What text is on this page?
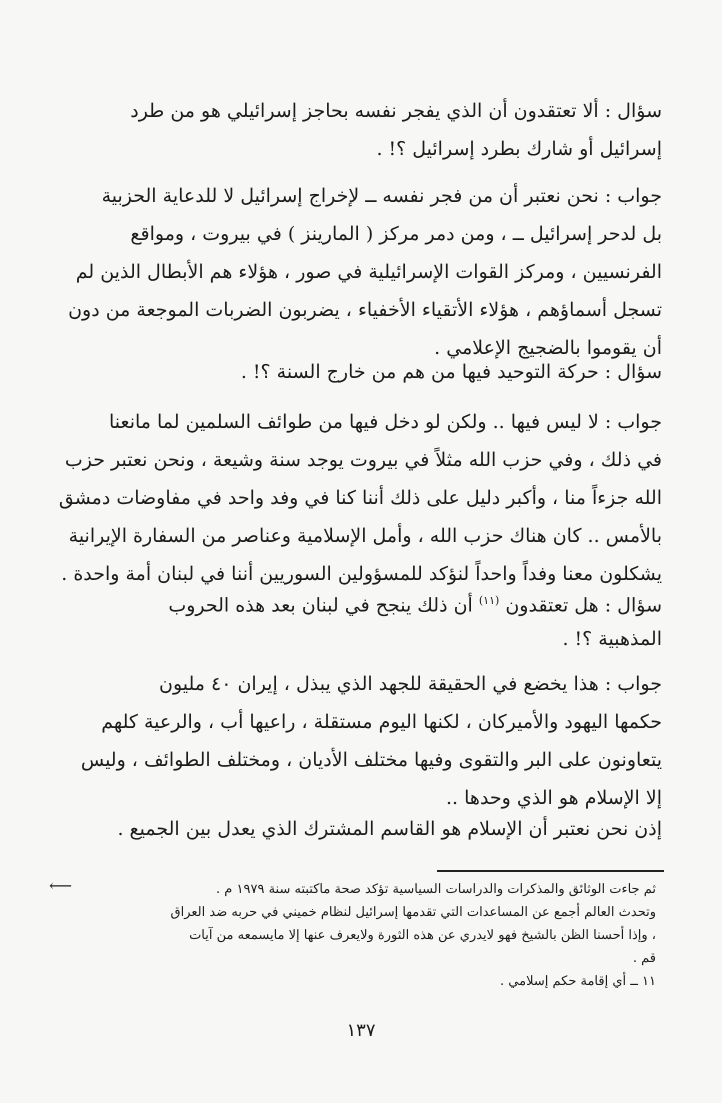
سؤال : ألا تعتقدون أن الذي يفجر نفسه بحاجز إسرائيلي هو من طرد
إسرائيل أو شارك بطرد إسرائيل ؟! .
جواب : نحن نعتبر أن من فجر نفسه ــ لإخراج إسرائيل لا للدعاية الحزبية
بل لدحر إسرائيل ــ ، ومن دمر مركز ( المارينز ) في بيروت ، ومواقع
الفرنسيين ، ومركز القوات الإسرائيلية في صور ، هؤلاء هم الأبطال الذين لم
تسجل أسماؤهم ، هؤلاء الأتقياء الأخفياء ، يضربون الضربات الموجعة من دون
أن يقوموا بالضجيج الإعلامي .
سؤال : حركة التوحيد فيها من هم من خارج السنة ؟! .
جواب : لا ليس فيها .. ولكن لو دخل فيها من طوائف السلمين لما مانعنا
في ذلك ، وفي حزب الله مثلاً في بيروت يوجد سنة وشيعة ، ونحن نعتبر حزب
الله جزءاً منا ، وأكبر دليل على ذلك أننا كنا في وفد واحد في مفاوضات دمشق
بالأمس .. كان هناك حزب الله ، وأمل الإسلامية وعناصر من السفارة الإيرانية
يشكلون معنا وفداً واحداً لنؤكد للمسؤولين السوريين أننا في لبنان أمة واحدة .
سؤال : هل تعتقدون $^{(١١)}$ أن ذلك ينجح في لبنان بعد هذه الحروب
المذهبية ؟! .
جواب : هذا يخضع في الحقيقة للجهد الذي يبذل ، إيران ٤٠ مليون
حكمها اليهود والأميركان ، لكنها اليوم مستقلة ، راعيها أب ، والرعية كلهم
يتعاونون على البر والتقوى وفيها مختلف الأديان ، ومختلف الطوائف ، وليس
إلا الإسلام هو الذي وحدها ..
إذن نحن نعتبر أن الإسلام هو القاسم المشترك الذي يعدل بين الجميع .
⟵	ثم جاءت الوثائق والمذكرات والدراسات السياسية تؤكد صحة ماكتبته سنة ١٩٧٩ م .
وتحدث العالم أجمع عن المساعدات التي تقدمها إسرائيل لنظام خميني في حربه ضد العراق
، وإذا أحسنا الظن بالشيخ فهو لايدري عن هذه الثورة ولايعرف عنها إلا مايسمعه من آيات
قم .
١١ ــ أي إقامة حكم إسلامي .
١٣٧
